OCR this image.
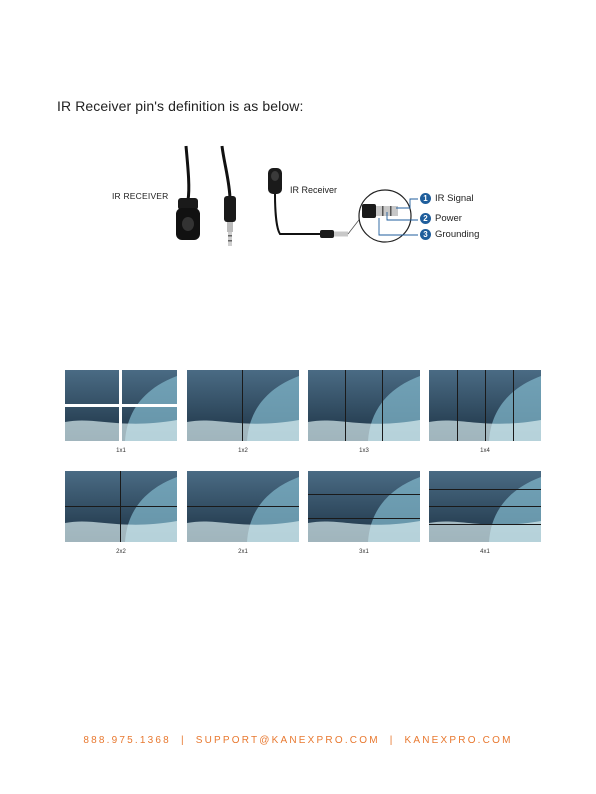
IR Receiver pin's definition is as below:
IR RECEIVER
IR Receiver
1 IR Signal
2 Power
3 Grounding
1x1	1x2	1x3	1x4
2x2	2x1	3x1	4x1
888.975.1368 | SUPPORT@KANEXPRO.COM | KANEXPRO.COM
